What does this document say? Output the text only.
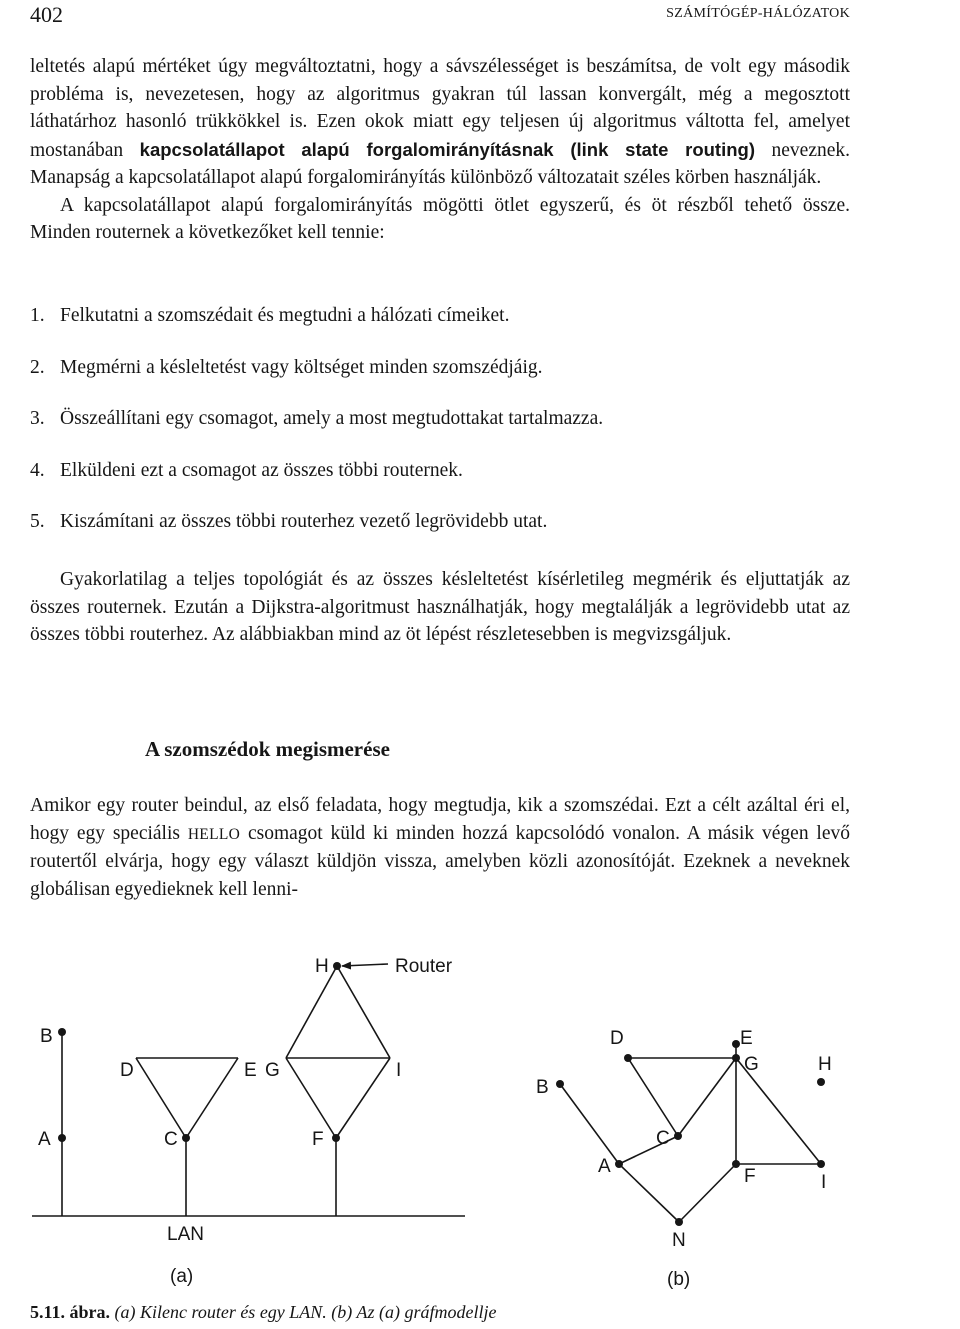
402	SZÁMÍTÓGÉP-HÁLÓZATOK

leltetés alapú mértéket úgy megváltoztatni, hogy a sávszélességet is beszámítsa, de volt egy második probléma is, nevezetesen, hogy az algoritmus gyakran túl lassan konvergált, még a megosztott láthatárhoz hasonló trükkökkel is. Ezen okok miatt egy teljesen új algoritmus váltotta fel, amelyet mostanában kapcsolatállapot alapú forgalomirányításnak (link state routing) neveznek. Manapság a kapcsolatállapot alapú forgalomirányítás különböző változatait széles körben használják.
A kapcsolatállapot alapú forgalomirányítás mögötti ötlet egyszerű, és öt részből tehető össze. Minden routernek a következőket kell tennie:

1. Felkutatni a szomszédait és megtudni a hálózati címeiket.
2. Megmérni a késleltetést vagy költséget minden szomszédjáig.
3. Összeállítani egy csomagot, amely a most megtudottakat tartalmazza.
4. Elküldeni ezt a csomagot az összes többi routernek.
5. Kiszámítani az összes többi routerhez vezető legrövidebb utat.

Gyakorlatilag a teljes topológiát és az összes késleltetést kísérletileg megmérik és eljuttatják az összes routernek. Ezután a Dijkstra-algoritmust használhatják, hogy megtalálják a legrövidebb utat az összes többi routerhez. Az alábbiakban mind az öt lépést részletesebben is megvizsgáljuk.

A szomszédok megismerése

Amikor egy router beindul, az első feladata, hogy megtudja, kik a szomszédai. Ezt a célt azáltal éri el, hogy egy speciális HELLO csomagot küld ki minden hozzá kapcsolódó vonalon. A másik végen levő routertől elvárja, hogy egy választ küldjön vissza, amelyben közli azonosítóját. Ezeknek a neveknek globálisan egyedieknek kell lenni-

B
A
D	E G	I
C	F
H	Router
LAN
(a)
B
A
C
D	E
G	H
F	I
N
(b)

5.11. ábra. (a) Kilenc router és egy LAN. (b) Az (a) gráfmodellje
